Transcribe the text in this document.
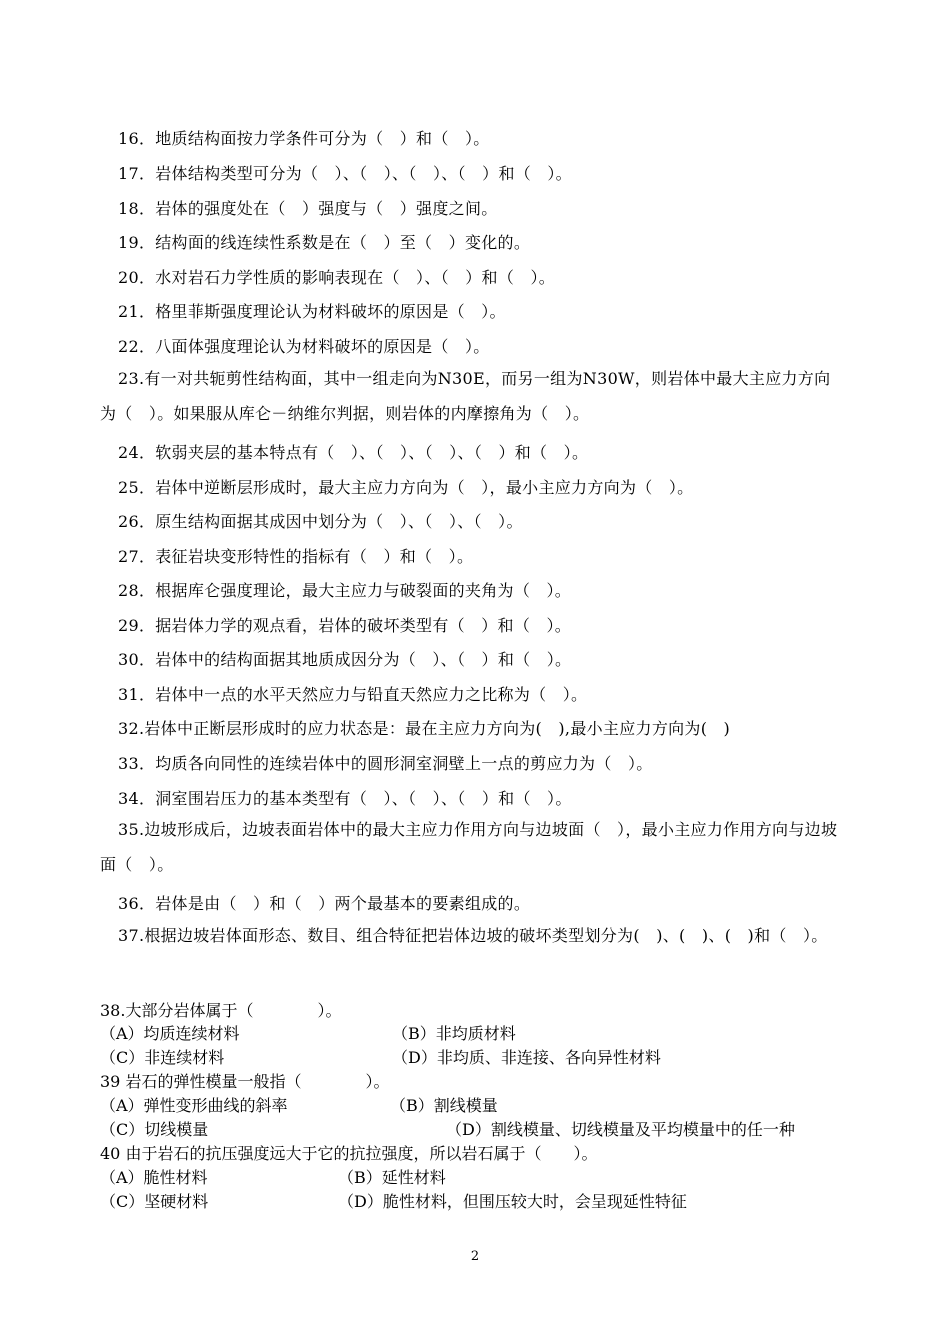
16．地质结构面按力学条件可分为（　）和（　）。
17．岩体结构类型可分为（　）、（　）、（　）、（　）和（　）。
18．岩体的强度处在（　）强度与（　）强度之间。
19．结构面的线连续性系数是在（　）至（　）变化的。
20．水对岩石力学性质的影响表现在（　）、（　）和（　）。
21．格里菲斯强度理论认为材料破坏的原因是（　）。
22．八面体强度理论认为材料破坏的原因是（　）。
23.有一对共轭剪性结构面，其中一组走向为N30E，而另一组为N30W，则岩体中最大主应力方向为（　）。如果服从库仑－纳维尔判据，则岩体的内摩擦角为（　）。
24．软弱夹层的基本特点有（　）、（　）、（　）、（　）和（　）。
25．岩体中逆断层形成时，最大主应力方向为（　），最小主应力方向为（　）。
26．原生结构面据其成因中划分为（　）、（　）、（　）。
27．表征岩块变形特性的指标有（　）和（　）。
28．根据库仑强度理论，最大主应力与破裂面的夹角为（　）。
29．据岩体力学的观点看，岩体的破坏类型有（　）和（　）。
30．岩体中的结构面据其地质成因分为（　）、（　）和（　）。
31．岩体中一点的水平天然应力与铅直天然应力之比称为（　）。
32.岩体中正断层形成时的应力状态是：最在主应力方向为(　),最小主应力方向为(　)
33．均质各向同性的连续岩体中的圆形洞室洞壁上一点的剪应力为（　）。
34．洞室围岩压力的基本类型有（　）、（　）、（　）和（　）。
35.边坡形成后，边坡表面岩体中的最大主应力作用方向与边坡面（　），最小主应力作用方向与边坡面（　）。
36．岩体是由（　）和（　）两个最基本的要素组成的。
37.根据边坡岩体面形态、数目、组合特征把岩体边坡的破坏类型划分为(　)、(　)、(　)和（　）。
38.大部分岩体属于（　　　　）。
（A）均质连续材料	（B）非均质材料
（C）非连续材料	（D）非均质、非连接、各向异性材料
39 岩石的弹性模量一般指（　　　　）。
（A）弹性变形曲线的斜率	（B）割线模量
（C）切线模量	（D）割线模量、切线模量及平均模量中的任一种
40 由于岩石的抗压强度远大于它的抗拉强度，所以岩石属于（　　）。
（A）脆性材料	（B）延性材料
（C）坚硬材料	（D）脆性材料，但围压较大时，会呈现延性特征
2
